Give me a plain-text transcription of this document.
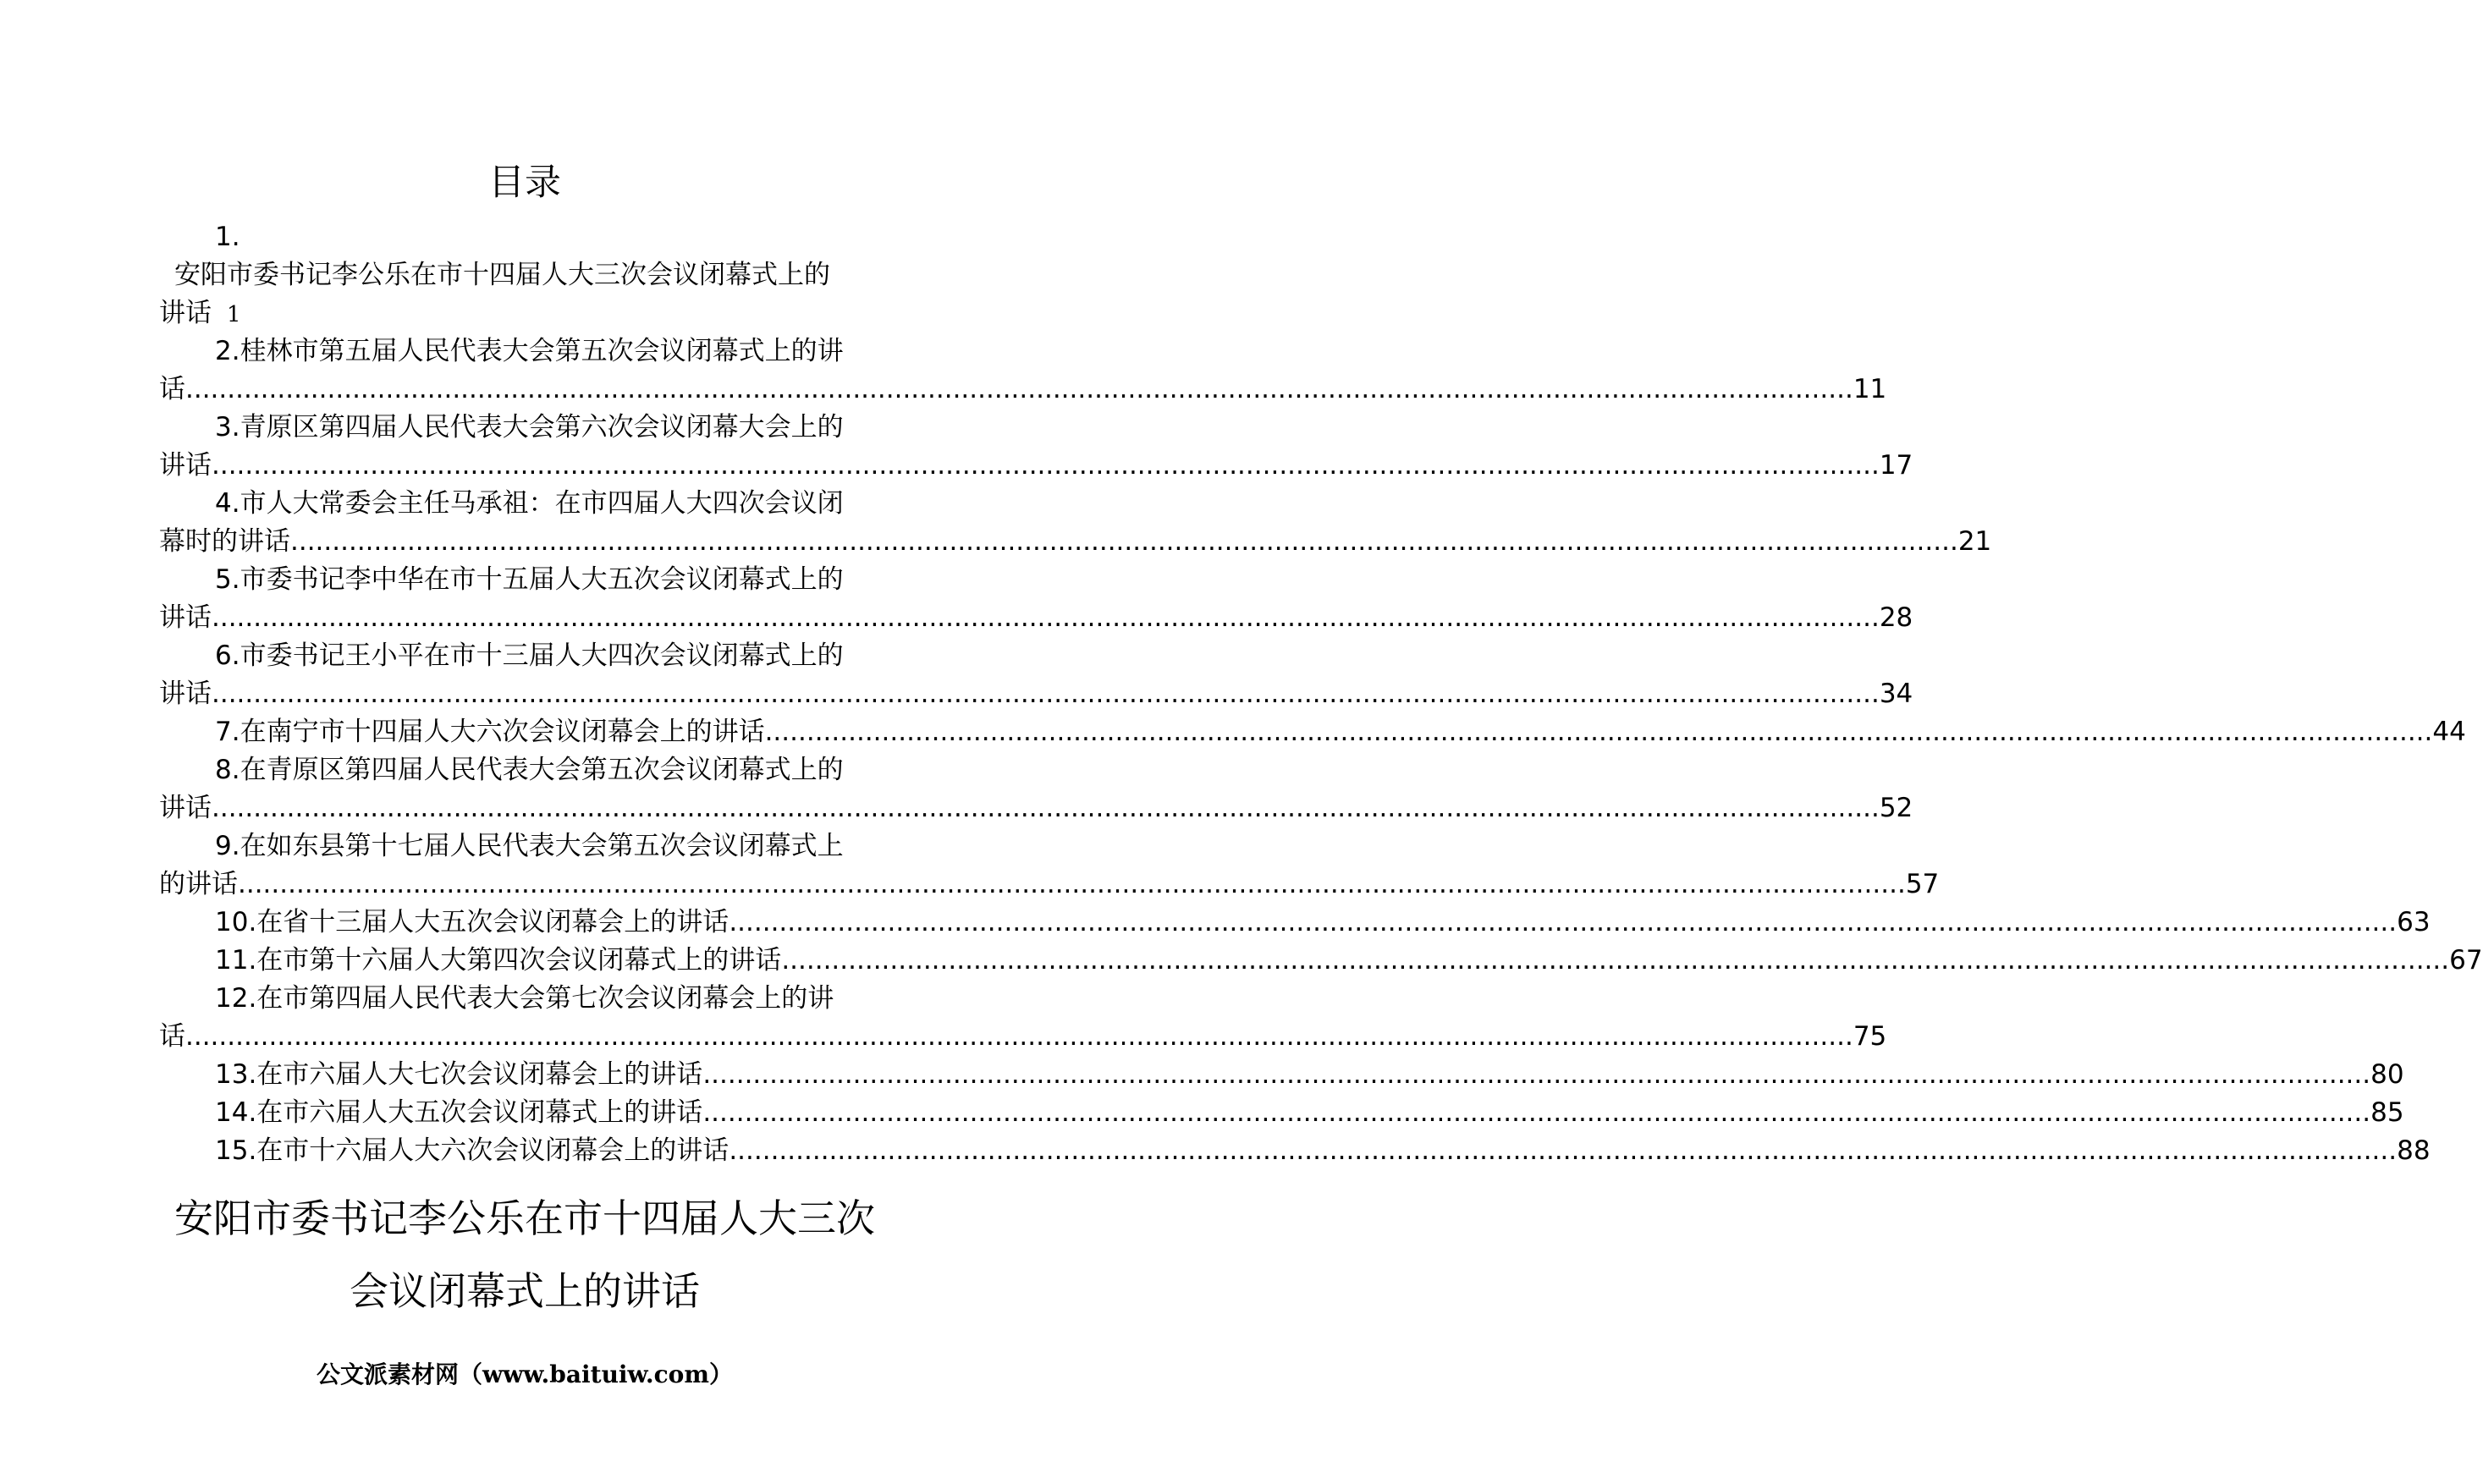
目录
1.
安阳市委书记李公乐在市十四届人大三次会议闭幕式上的
讲话 1
2.桂林市第五届人民代表大会第五次会议闭幕式上的讲
话 ........................................................................................................................................................................................................ 11
3.青原区第四届人民代表大会第六次会议闭幕大会上的
讲话 ........................................................................................................................................................................................................ 17
4.市人大常委会主任马承祖：在市四届人大四次会议闭
幕时的讲话 ........................................................................................................................................................................................................ 21
5.市委书记李中华在市十五届人大五次会议闭幕式上的
讲话 ........................................................................................................................................................................................................ 28
6.市委书记王小平在市十三届人大四次会议闭幕式上的
讲话 ........................................................................................................................................................................................................ 34
7.在南宁市十四届人大六次会议闭幕会上的讲话 ........................................................................................................................................................................................................ 44
8.在青原区第四届人民代表大会第五次会议闭幕式上的
讲话 ........................................................................................................................................................................................................ 52
9.在如东县第十七届人民代表大会第五次会议闭幕式上
的讲话 ........................................................................................................................................................................................................ 57
10.在省十三届人大五次会议闭幕会上的讲话 ........................................................................................................................................................................................................ 63
11.在市第十六届人大第四次会议闭幕式上的讲话 ........................................................................................................................................................................................................ 67
12.在市第四届人民代表大会第七次会议闭幕会上的讲
话 ........................................................................................................................................................................................................ 75
13.在市六届人大七次会议闭幕会上的讲话 ........................................................................................................................................................................................................ 80
14.在市六届人大五次会议闭幕式上的讲话 ........................................................................................................................................................................................................ 85
15.在市十六届人大六次会议闭幕会上的讲话 ........................................................................................................................................................................................................ 88
安阳市委书记李公乐在市十四届人大三次
会议闭幕式上的讲话
公文派素材网（www.baituiw.com）
